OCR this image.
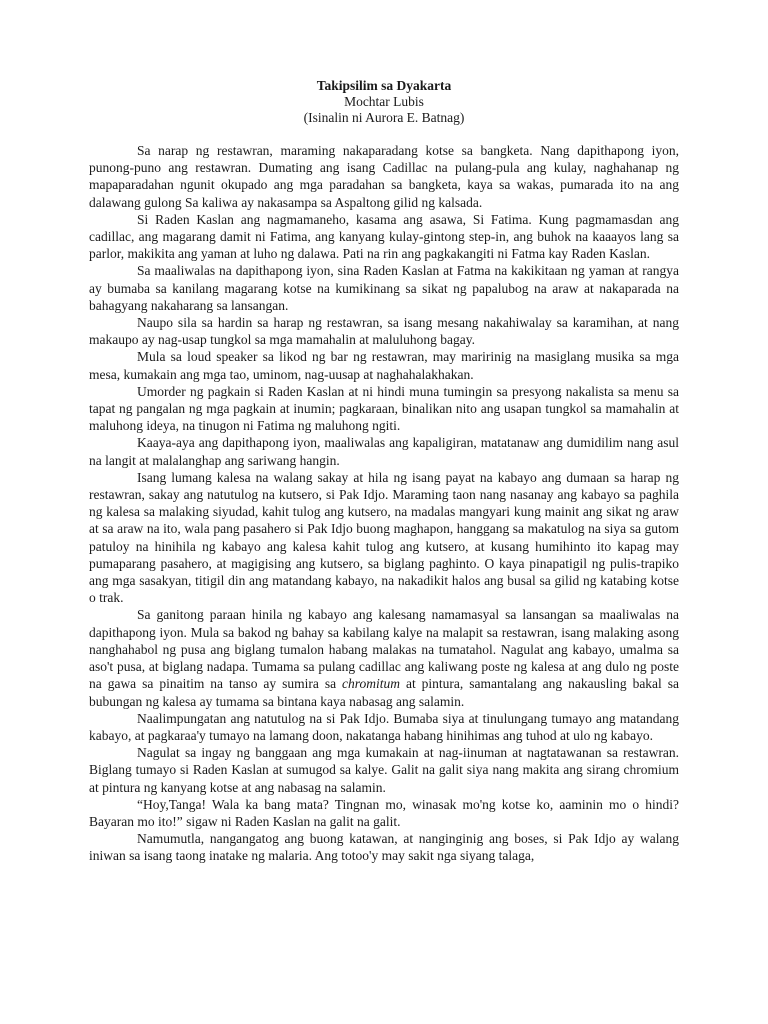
Takipsilim sa Dyakarta
Mochtar Lubis
(Isinalin ni Aurora E. Batnag)

Sa narap ng restawran, maraming nakaparadang kotse sa bangketa. Nang dapithapong iyon, punong-puno ang restawran. Dumating ang isang Cadillac na pulang-pula ang kulay, naghahanap ng mapaparadahan ngunit okupado ang mga paradahan sa bangketa, kaya sa wakas, pumarada ito na ang dalawang gulong Sa kaliwa ay nakasampa sa Aspaltong gilid ng kalsada.

Si Raden Kaslan ang nagmamaneho, kasama ang asawa, Si Fatima. Kung pagmamasdan ang cadillac, ang magarang damit ni Fatima, ang kanyang kulay-gintong step-in, ang buhok na kaaayos lang sa parlor, makikita ang yaman at luho ng dalawa. Pati na rin ang pagkakangiti ni Fatma kay Raden Kaslan.

Sa maaliwalas na dapithapong iyon, sina Raden Kaslan at Fatma na kakikitaan ng yaman at rangya ay bumaba sa kanilang magarang kotse na kumikinang sa sikat ng papalubog na araw at nakaparada na bahagyang nakaharang sa lansangan.

Naupo sila sa hardin sa harap ng restawran, sa isang mesang nakahiwalay sa karamihan, at nang makaupo ay nag-usap tungkol sa mga mamahalin at maluluhong bagay.

Mula sa loud speaker sa likod ng bar ng restawran, may maririnig na masiglang musika sa mga mesa, kumakain ang mga tao, uminom, nag-uusap at naghahalakhakan.

Umorder ng pagkain si Raden Kaslan at ni hindi muna tumingin sa presyong nakalista sa menu sa tapat ng pangalan ng mga pagkain at inumin; pagkaraan, binalikan nito ang usapan tungkol sa mamahalin at maluhong ideya, na tinugon ni Fatima ng maluhong ngiti.

Kaaya-aya ang dapithapong iyon, maaliwalas ang kapaligiran, matatanaw ang dumidilim nang asul na langit at malalanghap ang sariwang hangin.

Isang lumang kalesa na walang sakay at hila ng isang payat na kabayo ang dumaan sa harap ng restawran, sakay ang natutulog na kutsero, si Pak Idjo. Maraming taon nang nasanay ang kabayo sa paghila ng kalesa sa malaking siyudad, kahit tulog ang kutsero, na madalas mangyari kung mainit ang sikat ng araw at sa araw na ito, wala pang pasahero si Pak Idjo buong maghapon, hanggang sa makatulog na siya sa gutom patuloy na hinihila ng kabayo ang kalesa kahit tulog ang kutsero, at kusang humihinto ito kapag may pumaparang pasahero, at magigising ang kutsero, sa biglang paghinto. O kaya pinapatigil ng pulis-trapiko ang mga sasakyan, titigil din ang matandang kabayo, na nakadikit halos ang busal sa gilid ng katabing kotse o trak.

Sa ganitong paraan hinila ng kabayo ang kalesang namamasyal sa lansangan sa maaliwalas na dapithapong iyon. Mula sa bakod ng bahay sa kabilang kalye na malapit sa restawran, isang malaking asong nanghahabol ng pusa ang biglang tumalon habang malakas na tumatahol. Nagulat ang kabayo, umalma sa aso't pusa, at biglang nadapa. Tumama sa pulang cadillac ang kaliwang poste ng kalesa at ang dulo ng poste na gawa sa pinaitim na tanso ay sumira sa chromitum at pintura, samantalang ang nakausling bakal sa bubungan ng kalesa ay tumama sa bintana kaya nabasag ang salamin.

Naalimpungatan ang natutulog na si Pak Idjo. Bumaba siya at tinulungang tumayo ang matandang kabayo, at pagkaraa'y tumayo na lamang doon, nakatanga habang hinihimas ang tuhod at ulo ng kabayo.

Nagulat sa ingay ng banggaan ang mga kumakain at nag-iinuman at nagtatawanan sa restawran. Biglang tumayo si Raden Kaslan at sumugod sa kalye. Galit na galit siya nang makita ang sirang chromium at pintura ng kanyang kotse at ang nabasag na salamin.

“Hoy,Tanga! Wala ka bang mata? Tingnan mo, winasak mo'ng kotse ko, aaminin mo o hindi? Bayaran mo ito!” sigaw ni Raden Kaslan na galit na galit.

Namumutla, nangangatog ang buong katawan, at nanginginig ang boses, si Pak Idjo ay walang iniwan sa isang taong inatake ng malaria. Ang totoo'y may sakit nga siyang talaga,
